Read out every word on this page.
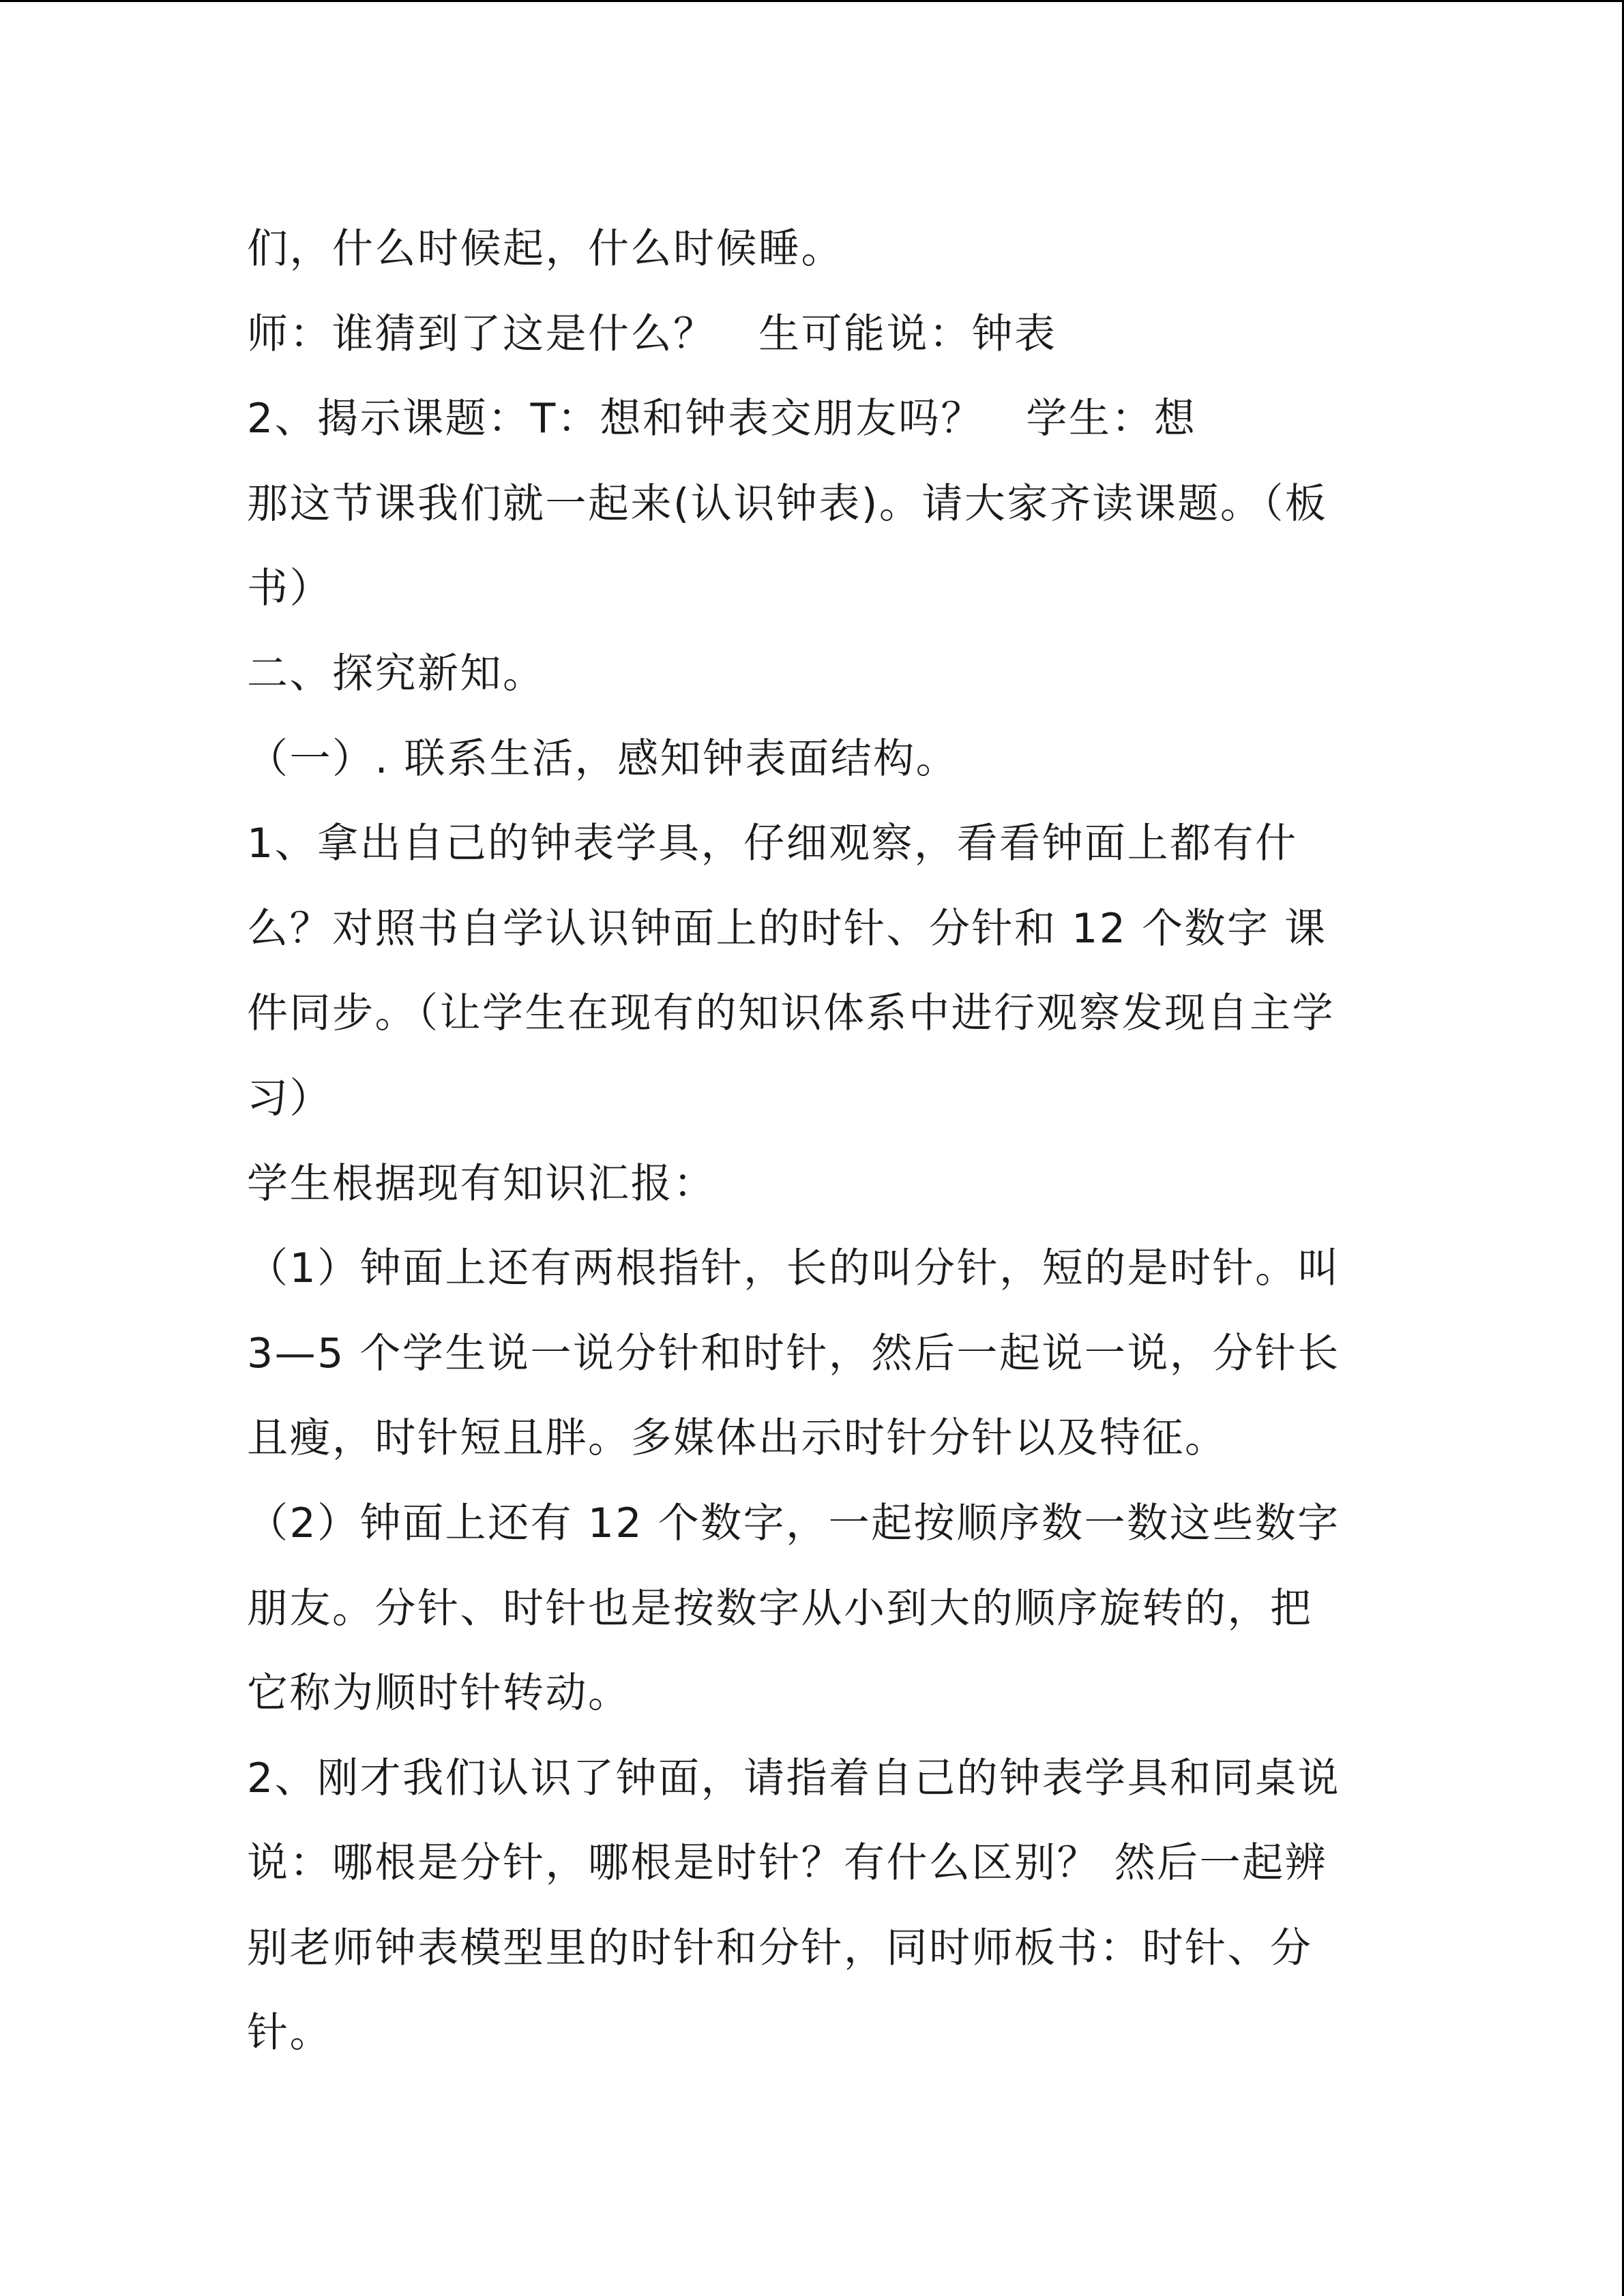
们，什么时候起，什么时候睡。
师：谁猜到了这是什么？　生可能说：钟表
2、揭示课题：T：想和钟表交朋友吗？　学生：想
那这节课我们就一起来(认识钟表)。请大家齐读课题。（板
书）
二、探究新知。
（一）. 联系生活，感知钟表面结构。
1、拿出自己的钟表学具，仔细观察，看看钟面上都有什
么？对照书自学认识钟面上的时针、分针和 12 个数字 课
件同步。（让学生在现有的知识体系中进行观察发现自主学
习）
学生根据现有知识汇报：
（1）钟面上还有两根指针，长的叫分针，短的是时针。叫
3—5 个学生说一说分针和时针，然后一起说一说，分针长
且瘦，时针短且胖。多媒体出示时针分针以及特征。
（2）钟面上还有 12 个数字，一起按顺序数一数这些数字
朋友。分针、时针也是按数字从小到大的顺序旋转的，把
它称为顺时针转动。
2、刚才我们认识了钟面，请指着自己的钟表学具和同桌说
说：哪根是分针，哪根是时针？有什么区别？ 然后一起辨
别老师钟表模型里的时针和分针，同时师板书：时针、分
针。
